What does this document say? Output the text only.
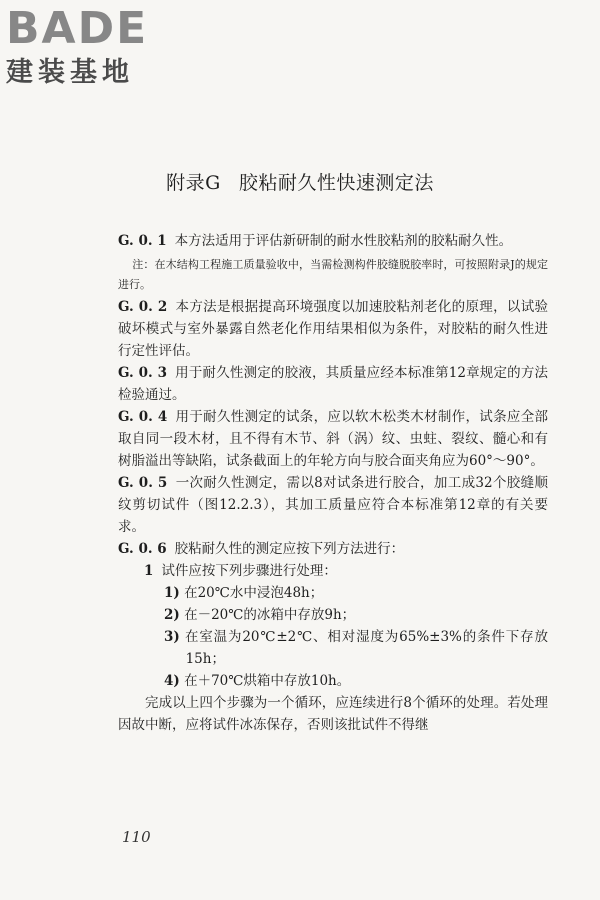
BADE
建装基地
附录G 胶粘耐久性快速测定法

G. 0. 1 本方法适用于评估新研制的耐水性胶粘剂的胶粘耐久性。

注：在木结构工程施工质量验收中，当需检测构件胶缝脱胶率时，可按照附录J的规定进行。

G. 0. 2 本方法是根据提高环境强度以加速胶粘剂老化的原理，以试验破坏模式与室外暴露自然老化作用结果相似为条件，对胶粘的耐久性进行定性评估。

G. 0. 3 用于耐久性测定的胶液，其质量应经本标准第12章规定的方法检验通过。

G. 0. 4 用于耐久性测定的试条，应以软木松类木材制作，试条应全部取自同一段木材，且不得有木节、斜（涡）纹、虫蛀、裂纹、髓心和有树脂溢出等缺陷，试条截面上的年轮方向与胶合面夹角应为60°～90°。

G. 0. 5 一次耐久性测定，需以8对试条进行胶合，加工成32个胶缝顺纹剪切试件（图12.2.3），其加工质量应符合本标准第12章的有关要求。

G. 0. 6 胶粘耐久性的测定应按下列方法进行：

1 试件应按下列步骤进行处理：

1) 在20℃水中浸泡48h；

2) 在－20℃的冰箱中存放9h；

3) 在室温为20℃±2℃、相对湿度为65%±3%的条件下存放15h；

4) 在＋70℃烘箱中存放10h。

完成以上四个步骤为一个循环，应连续进行8个循环的处理。若处理因故中断，应将试件冰冻保存，否则该批试件不得继

110
